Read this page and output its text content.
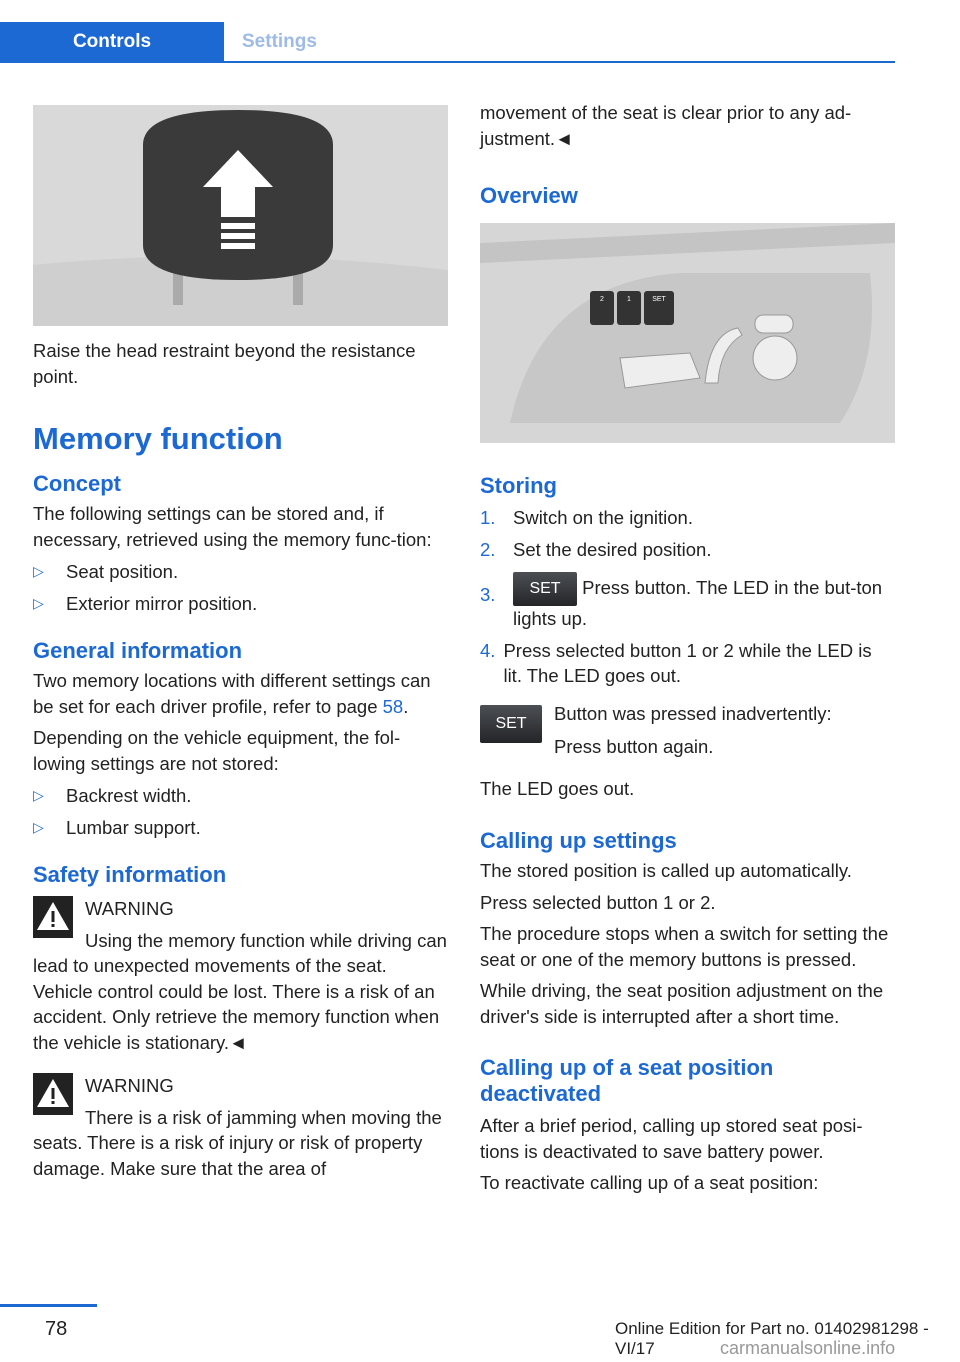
Controls	Settings

Raise the head restraint beyond the resistance point.

Memory function
Concept

The following settings can be stored and, if necessary, retrieved using the memory func-tion:

▷	Seat position.
▷	Exterior mirror position.
General information

Two memory locations with different settings can be set for each driver profile, refer to page 58.

Depending on the vehicle equipment, the fol-lowing settings are not stored:

▷	Backrest width.
▷	Lumbar support.
Safety information

WARNING

Using the memory function while driving can lead to unexpected movements of the seat. Vehicle control could be lost. There is a risk of an accident. Only retrieve the memory function when the vehicle is stationary.◄

WARNING

There is a risk of jamming when moving the seats. There is a risk of injury or risk of property damage. Make sure that the area of

movement of the seat is clear prior to any ad-justment.◄

Overview
2	1	SET
Storing
1. Switch on the ignition.
2. Set the desired position.
3.	SET Press button. The LED in the but-ton lights up.
4. Press selected button 1 or 2 while the LED is lit. The LED goes out.
SET	Button was pressed inadvertently:

Press button again.

The LED goes out.

Calling up settings

The stored position is called up automatically.

Press selected button 1 or 2.

The procedure stops when a switch for setting the seat or one of the memory buttons is pressed.

While driving, the seat position adjustment on the driver's side is interrupted after a short time.

Calling up of a seat position deactivated

After a brief period, calling up stored seat posi-tions is deactivated to save battery power.

To reactivate calling up of a seat position:

78	Online Edition for Part no. 01402981298 - VI/17	carmanualsonline.info
